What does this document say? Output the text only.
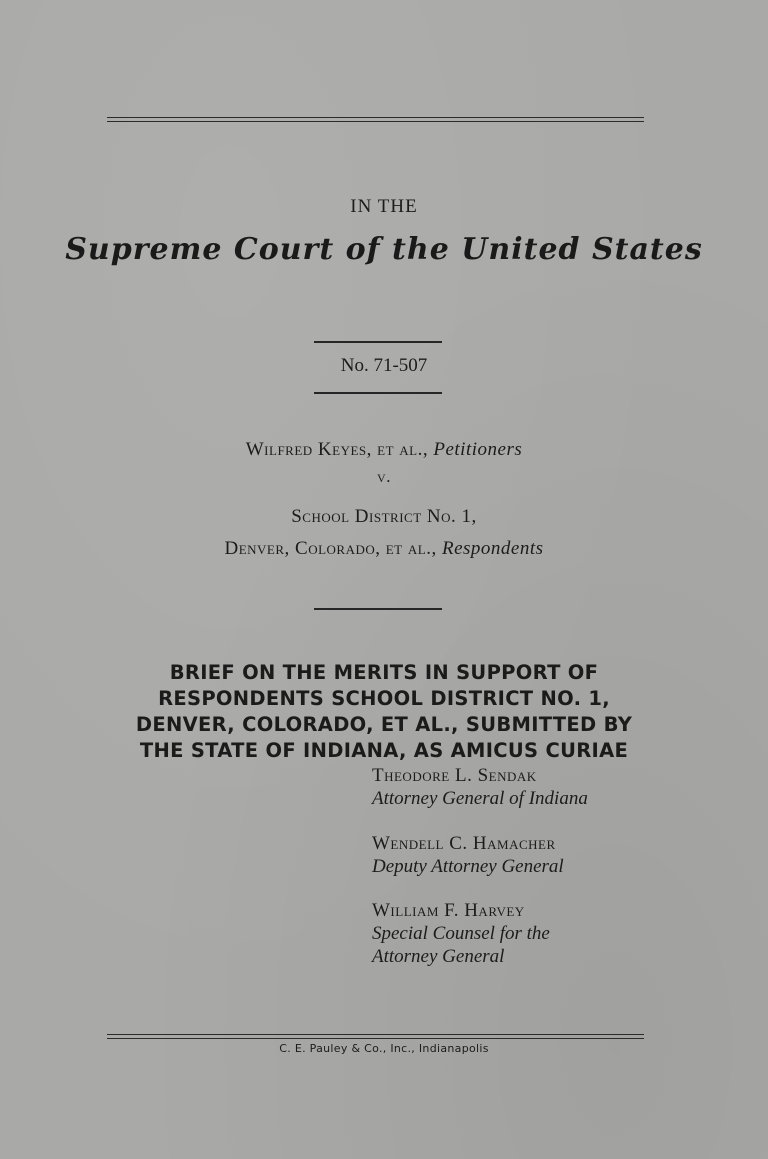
IN THE
Supreme Court of the United States
No. 71-507
Wilfred Keyes, et al., Petitioners
v.
School District No. 1,
Denver, Colorado, et al., Respondents
BRIEF ON THE MERITS IN SUPPORT OF
RESPONDENTS SCHOOL DISTRICT NO. 1,
DENVER, COLORADO, ET AL., SUBMITTED BY
THE STATE OF INDIANA, AS AMICUS CURIAE
Theodore L. Sendak
Attorney General of Indiana
Wendell C. Hamacher
Deputy Attorney General
William F. Harvey
Special Counsel for the
Attorney General
C. E. Pauley & Co., Inc., Indianapolis
